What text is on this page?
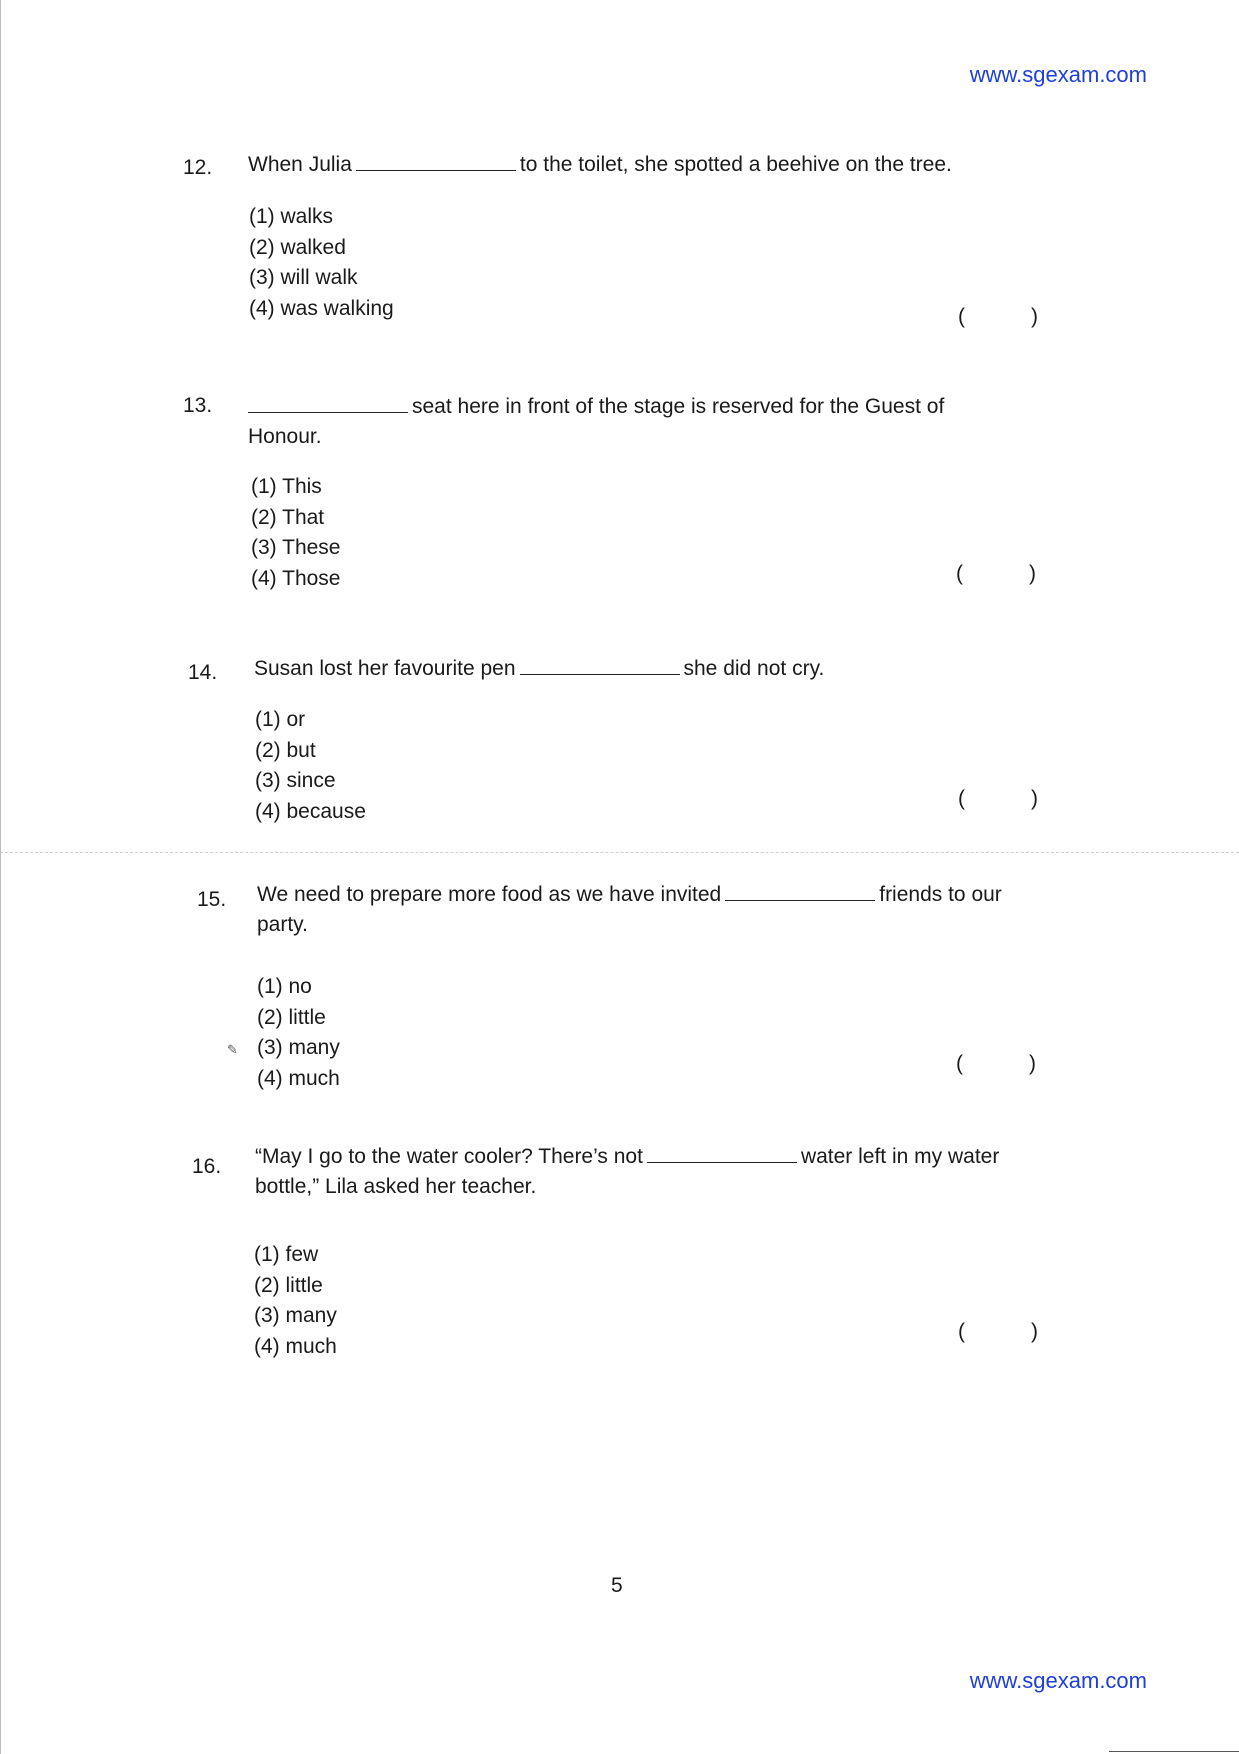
www.sgexam.com
12. When Julia	to the toilet, she spotted a beehive on the tree.
(1) walks
(2) walked
(3) will walk
(4) was walking	(	)
13.	seat here in front of the stage is reserved for the Guest of
Honour.
(1) This
(2) That
(3) These
(4) Those	(	)
14. Susan lost her favourite pen	she did not cry.
(1) or
(2) but
(3) since
(4) because
(	)
15. We need to prepare more food as we have invited	friends to our
party.
(1) no
(2) little
(3) many
(4) much
✎
(	)
16. “May I go to the water cooler? There’s not	water left in my water
bottle,” Lila asked her teacher.
(1) few
(2) little
(3) many
(4) much
(	)
5
www.sgexam.com
